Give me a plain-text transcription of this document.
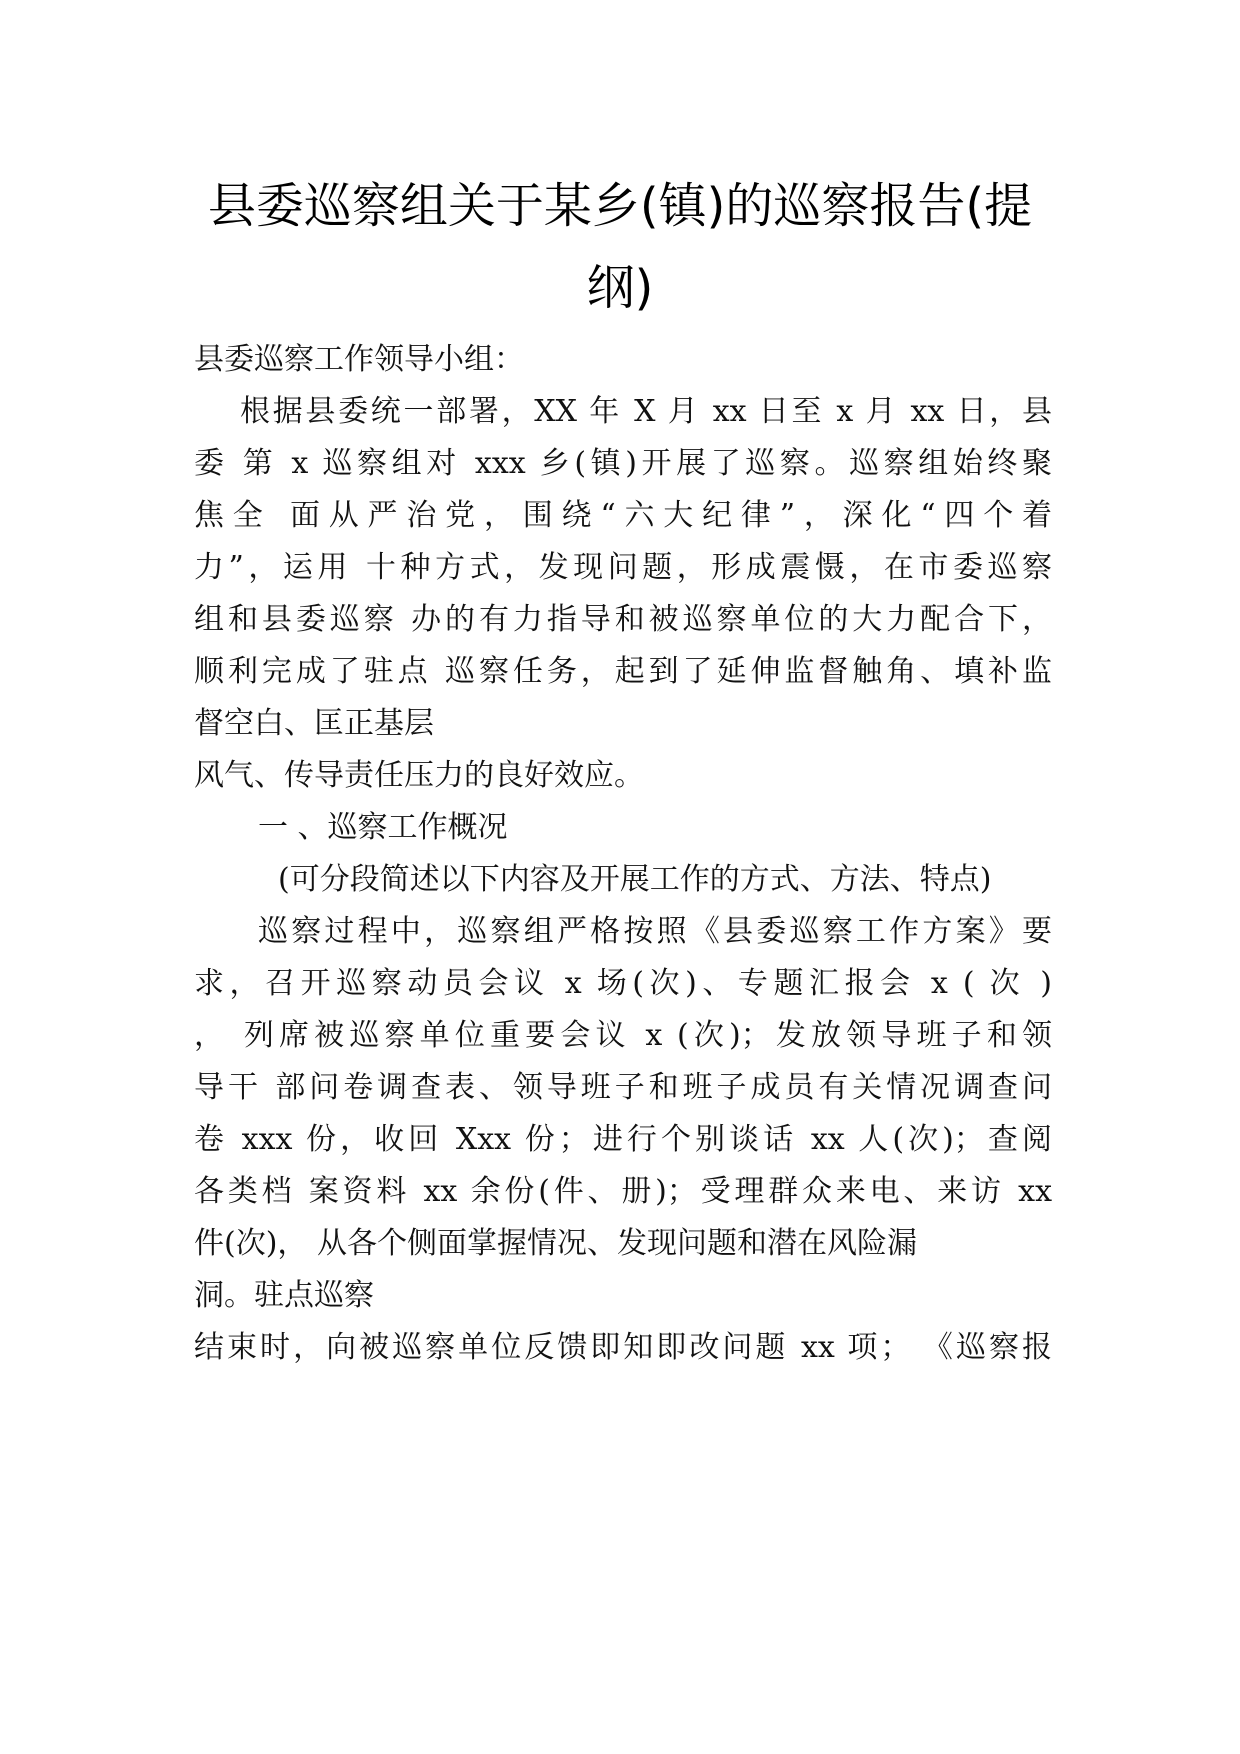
县委巡察组关于某乡(镇)的巡察报告(提
纲)

县委巡察工作领导小组：

根据县委统一部署，XX 年 X 月 xx 日至 x 月 xx 日，县

委 第 x 巡察组对 xxx 乡(镇)开展了巡察。巡察组始终聚

焦全 面从严治党，围绕“六大纪律”，深化“四个着

力”，运用 十种方式，发现问题，形成震慑，在市委巡察

组和县委巡察 办的有力指导和被巡察单位的大力配合下，

顺利完成了驻点 巡察任务，起到了延伸监督触角、填补监

督空白、匡正基层

风气、传导责任压力的良好效应。

一 、巡察工作概况

(可分段简述以下内容及开展工作的方式、方法、特点)

巡察过程中，巡察组严格按照《县委巡察工作方案》要

求，召开巡察动员会议 x 场(次)、专题汇报会 x ( 次 )

， 列席被巡察单位重要会议 x (次)；发放领导班子和领

导干 部问卷调查表、领导班子和班子成员有关情况调查问

卷 xxx 份，收回 Xxx 份；进行个别谈话 xx 人(次)；查阅

各类档 案资料 xx 余份(件、册)；受理群众来电、来访 xx

件(次)， 从各个侧面掌握情况、发现问题和潜在风险漏

洞。驻点巡察

结束时，向被巡察单位反馈即知即改问题 xx 项； 《巡察报
